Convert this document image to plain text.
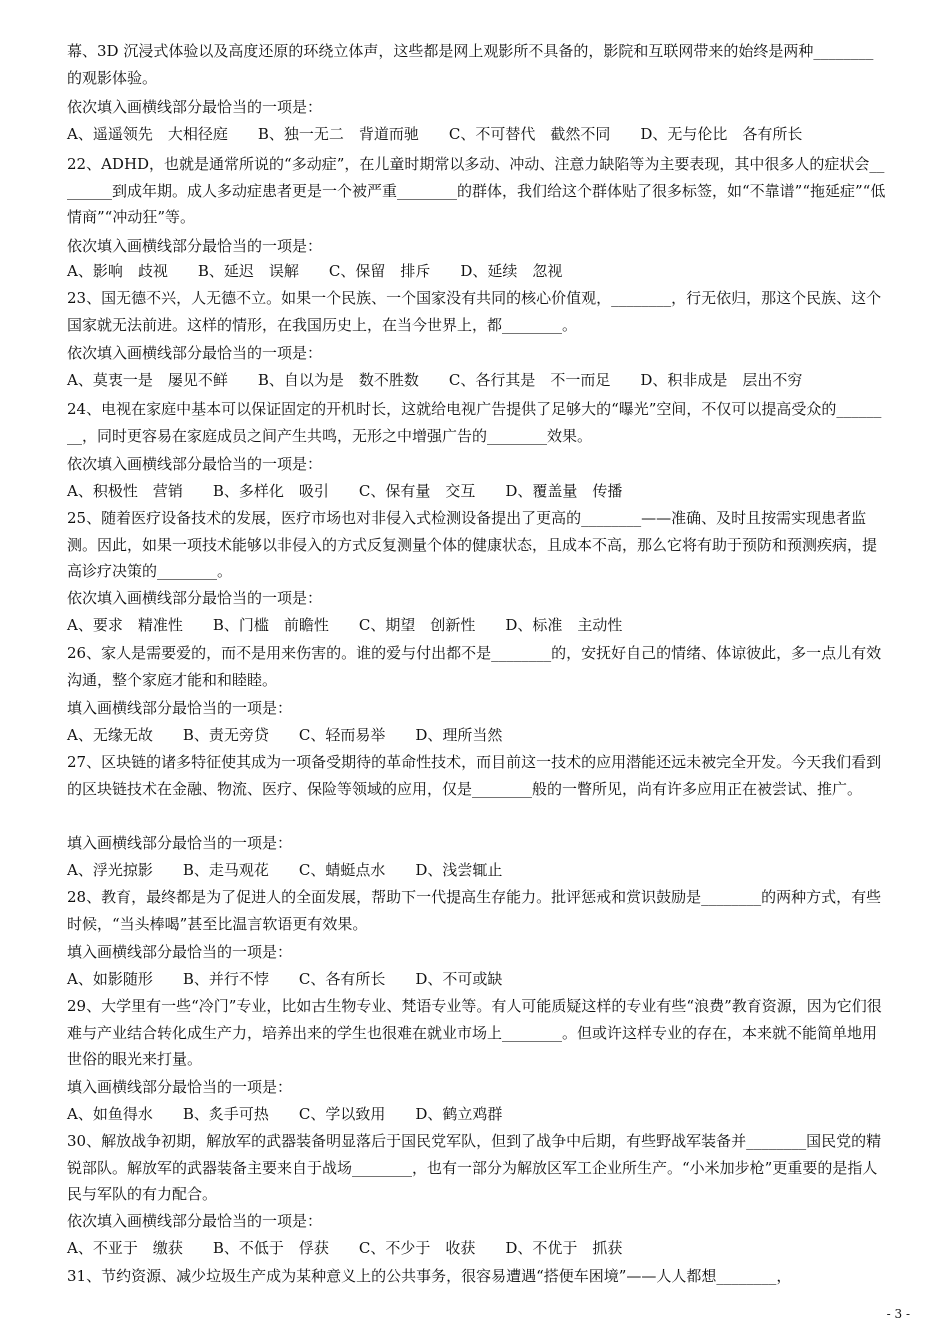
幕、3D 沉浸式体验以及高度还原的环绕立体声，这些都是网上观影所不具备的，影院和互联网带来的始终是两种________的观影体验。
依次填入画横线部分最恰当的一项是：
A、遥遥领先　大相径庭　　B、独一无二　背道而驰　　C、不可替代　截然不同　　D、无与伦比　各有所长
22、ADHD，也就是通常所说的“多动症”，在儿童时期常以多动、冲动、注意力缺陷等为主要表现，其中很多人的症状会________到成年期。成人多动症患者更是一个被严重________的群体，我们给这个群体贴了很多标签，如“不靠谱”“拖延症”“低情商”“冲动狂”等。
依次填入画横线部分最恰当的一项是：
A、影响　歧视　　B、延迟　误解　　C、保留　排斥　　D、延续　忽视
23、国无德不兴，人无德不立。如果一个民族、一个国家没有共同的核心价值观，________，行无依归，那这个民族、这个国家就无法前进。这样的情形，在我国历史上，在当今世界上，都________。
依次填入画横线部分最恰当的一项是：
A、莫衷一是　屡见不鲜　　B、自以为是　数不胜数　　C、各行其是　不一而足　　D、积非成是　层出不穷
24、电视在家庭中基本可以保证固定的开机时长，这就给电视广告提供了足够大的“曝光”空间，不仅可以提高受众的________，同时更容易在家庭成员之间产生共鸣，无形之中增强广告的________效果。
依次填入画横线部分最恰当的一项是：
A、积极性　营销　　B、多样化　吸引　　C、保有量　交互　　D、覆盖量　传播
25、随着医疗设备技术的发展，医疗市场也对非侵入式检测设备提出了更高的________——准确、及时且按需实现患者监测。因此，如果一项技术能够以非侵入的方式反复测量个体的健康状态，且成本不高，那么它将有助于预防和预测疾病，提高诊疗决策的________。
依次填入画横线部分最恰当的一项是：
A、要求　精准性　　B、门槛　前瞻性　　C、期望　创新性　　D、标准　主动性
26、家人是需要爱的，而不是用来伤害的。谁的爱与付出都不是________的，安抚好自己的情绪、体谅彼此，多一点儿有效沟通，整个家庭才能和和睦睦。
填入画横线部分最恰当的一项是：
A、无缘无故　　B、责无旁贷　　C、轻而易举　　D、理所当然
27、区块链的诸多特征使其成为一项备受期待的革命性技术，而目前这一技术的应用潜能还远未被完全开发。今天我们看到的区块链技术在金融、物流、医疗、保险等领域的应用，仅是________般的一瞥所见，尚有许多应用正在被尝试、推广。
填入画横线部分最恰当的一项是：
A、浮光掠影　　B、走马观花　　C、蜻蜓点水　　D、浅尝辄止
28、教育，最终都是为了促进人的全面发展，帮助下一代提高生存能力。批评惩戒和赏识鼓励是________的两种方式，有些时候，“当头棒喝”甚至比温言软语更有效果。
填入画横线部分最恰当的一项是：
A、如影随形　　B、并行不悖　　C、各有所长　　D、不可或缺
29、大学里有一些“冷门”专业，比如古生物专业、梵语专业等。有人可能质疑这样的专业有些“浪费”教育资源，因为它们很难与产业结合转化成生产力，培养出来的学生也很难在就业市场上________。但或许这样专业的存在，本来就不能简单地用世俗的眼光来打量。
填入画横线部分最恰当的一项是：
A、如鱼得水　　B、炙手可热　　C、学以致用　　D、鹤立鸡群
30、解放战争初期，解放军的武器装备明显落后于国民党军队，但到了战争中后期，有些野战军装备并________国民党的精锐部队。解放军的武器装备主要来自于战场________，也有一部分为解放区军工企业所生产。“小米加步枪”更重要的是指人民与军队的有力配合。
依次填入画横线部分最恰当的一项是：
A、不亚于　缴获　　B、不低于　俘获　　C、不少于　收获　　D、不优于　抓获
31、节约资源、减少垃圾生产成为某种意义上的公共事务，很容易遭遇“搭便车困境”——人人都想________，
- 3 -
